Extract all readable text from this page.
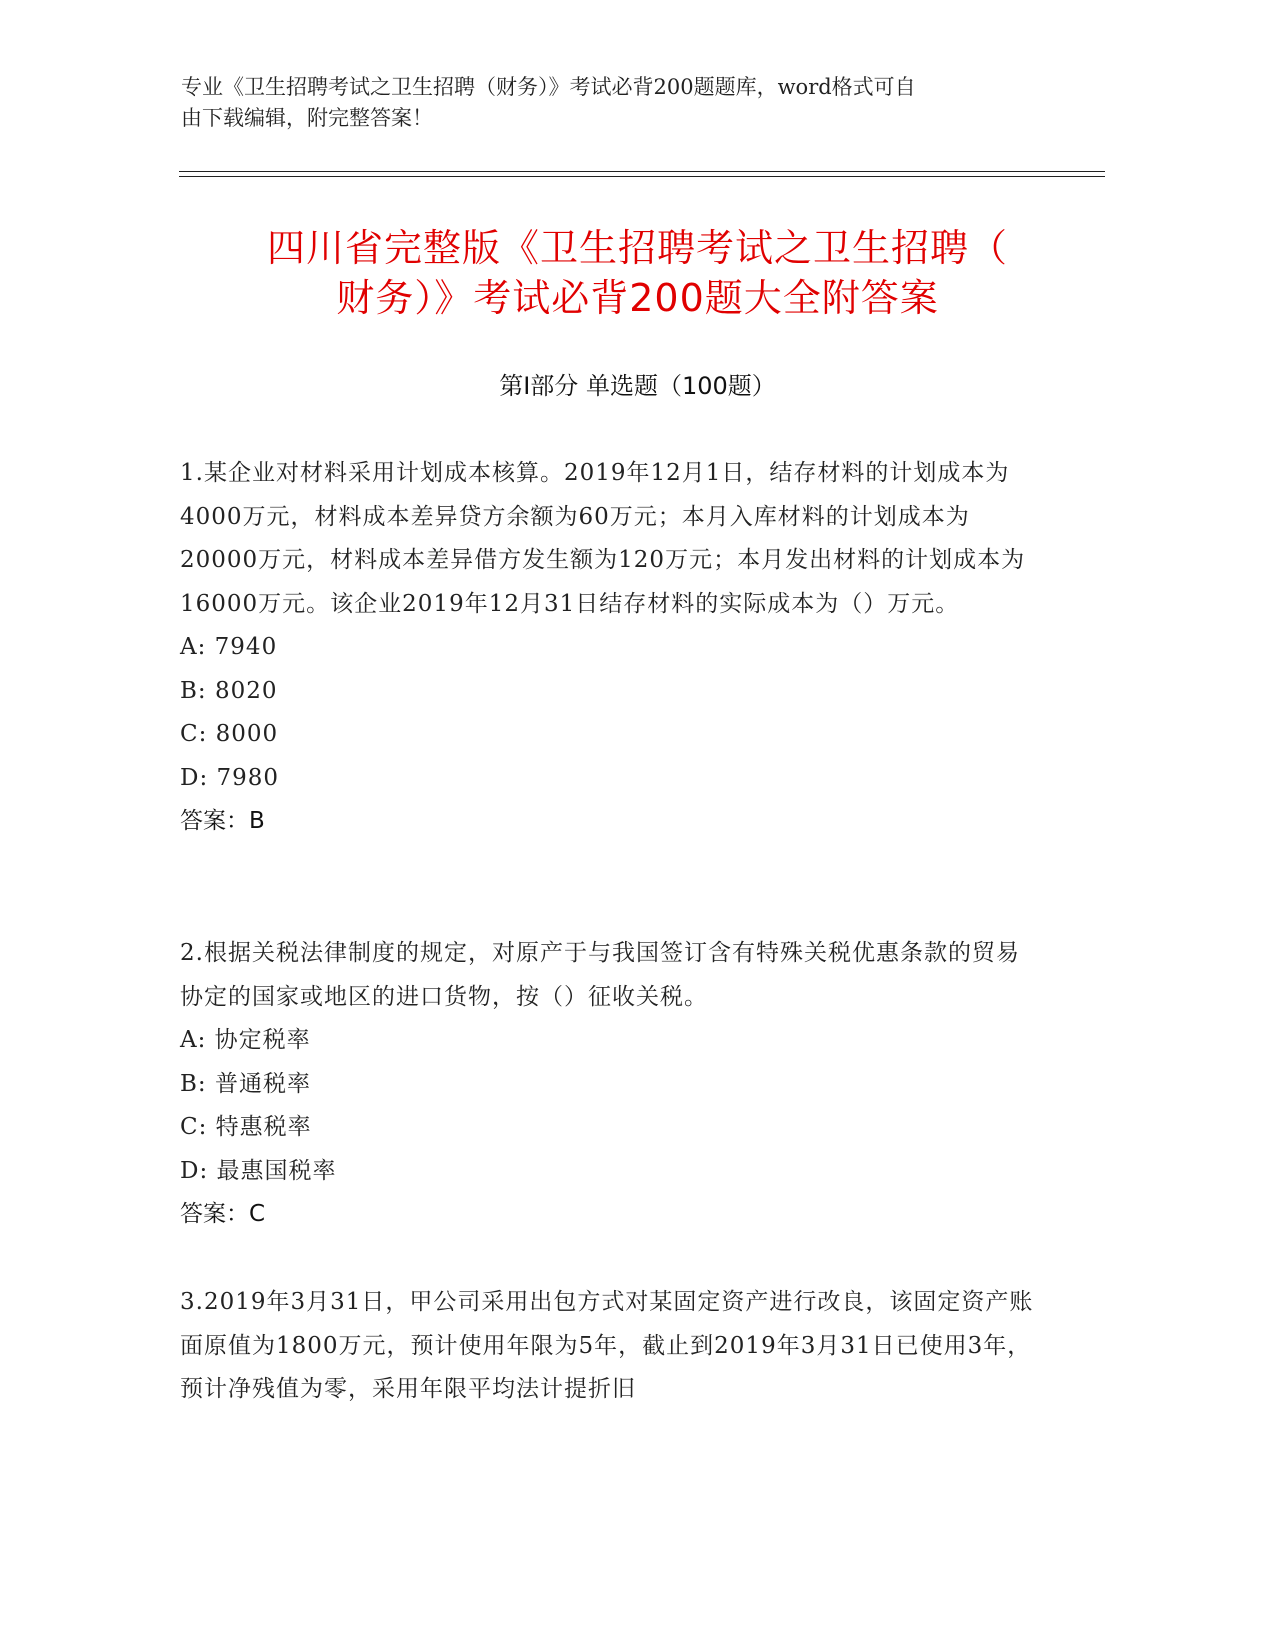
专业《卫生招聘考试之卫生招聘（财务）》考试必背200题题库，word格式可自
由下载编辑，附完整答案！
四川省完整版《卫生招聘考试之卫生招聘（
财务）》考试必背200题大全附答案
第Ⅰ部分 单选题（100题）
1.某企业对材料采用计划成本核算。2019年12月1日，结存材料的计划成本为4000万元，材料成本差异贷方余额为60万元；本月入库材料的计划成本为20000万元，材料成本差异借方发生额为120万元；本月发出材料的计划成本为16000万元。该企业2019年12月31日结存材料的实际成本为（）万元。
A: 7940
B: 8020
C: 8000
D: 7980
答案：B
2.根据关税法律制度的规定，对原产于与我国签订含有特殊关税优惠条款的贸易协定的国家或地区的进口货物，按（）征收关税。
A: 协定税率
B: 普通税率
C: 特惠税率
D: 最惠国税率
答案：C
3.2019年3月31日，甲公司采用出包方式对某固定资产进行改良，该固定资产账面原值为1800万元，预计使用年限为5年，截止到2019年3月31日已使用3年，预计净残值为零，采用年限平均法计提折旧
